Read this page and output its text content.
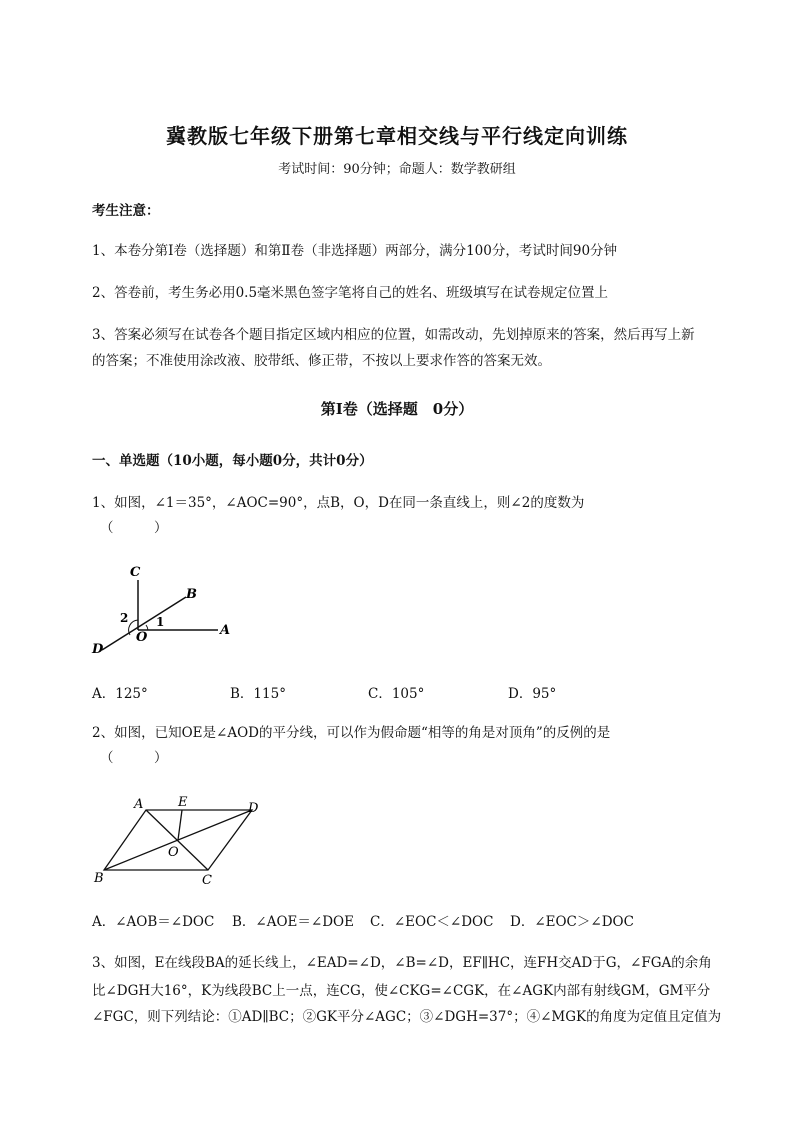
冀教版七年级下册第七章相交线与平行线定向训练
考试时间：90分钟；命题人：数学教研组
考生注意：
1、本卷分第I卷（选择题）和第Ⅱ卷（非选择题）两部分，满分100分，考试时间90分钟
2、答卷前，考生务必用0.5毫米黑色签字笔将自己的姓名、班级填写在试卷规定位置上
3、答案必须写在试卷各个题目指定区域内相应的位置，如需改动，先划掉原来的答案，然后再写上新
的答案；不准使用涂改液、胶带纸、修正带，不按以上要求作答的答案无效。
第I卷（选择题　0分）
一、单选题（10小题，每小题0分，共计0分）
1、如图，∠1＝35°，∠AOC=90°，点B，O，D在同一条直线上，则∠2的度数为
（　　　）
C
B
A
D
O
1
2
A．125°	B．115°	C．105°	D．95°
2、如图，已知OE是∠AOD的平分线，可以作为假命题“相等的角是对顶角”的反例的是
（　　　）
A	E	D
O
B	C
A．∠AOB＝∠DOC	B．∠AOE＝∠DOE	C．∠EOC＜∠DOC	D．∠EOC＞∠DOC
3、如图，E在线段BA的延长线上，∠EAD=∠D，∠B=∠D，EF∥HC，连FH交AD于G，∠FGA的余角
比∠DGH大16°，K为线段BC上一点，连CG，使∠CKG=∠CGK，在∠AGK内部有射线GM，GM平分
∠FGC，则下列结论：①AD∥BC；②GK平分∠AGC；③∠DGH=37°；④∠MGK的角度为定值且定值为
